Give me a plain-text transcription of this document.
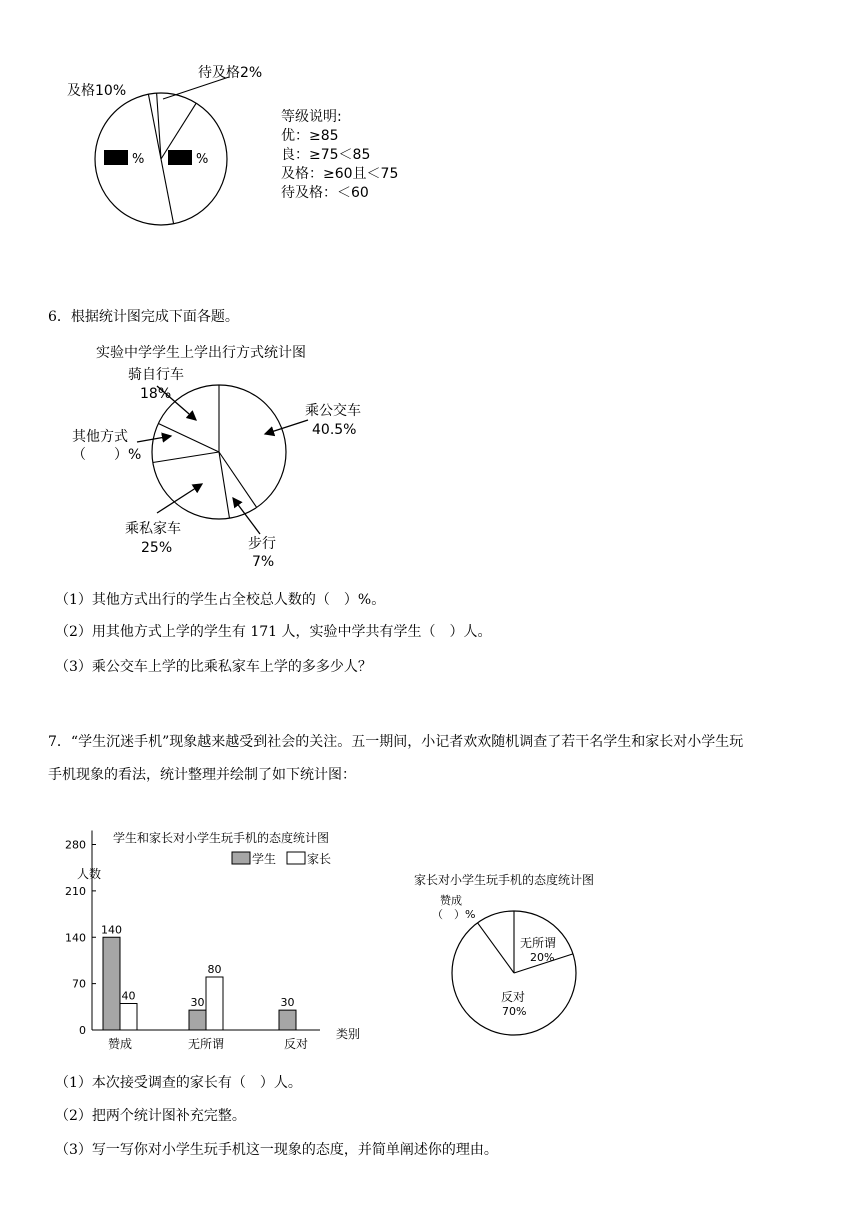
及格10%
待及格2%
%	%
等级说明:
优：≥85
良：≥75＜85
及格：≥60且＜75
待及格：＜60

6．根据统计图完成下面各题。

实验中学学生上学出行方式统计图
骑自行车
18%
乘公交车
40.5%
其他方式
（　　）%
乘私家车
25%	步行
7%

（1）其他方式出行的学生占全校总人数的（　）%。

（2）用其他方式上学的学生有 171 人，实验中学共有学生（　）人。

（3）乘公交车上学的比乘私家车上学的多多少人？

7．“学生沉迷手机”现象越来越受到社会的关注。五一期间，小记者欢欢随机调查了若干名学生和家长对小学生玩

手机现象的看法，统计整理并绘制了如下统计图：

学生和家长对小学生玩手机的态度统计图
学生	家长
人数
类别
0
70
140
210
280
140
40
赞成
30
80
无所谓
30
反对
家长对小学生玩手机的态度统计图
赞成
（　）%
无所谓
20%
反对
70%

（1）本次接受调查的家长有（　）人。

（2）把两个统计图补充完整。

（3）写一写你对小学生玩手机这一现象的态度，并简单阐述你的理由。
